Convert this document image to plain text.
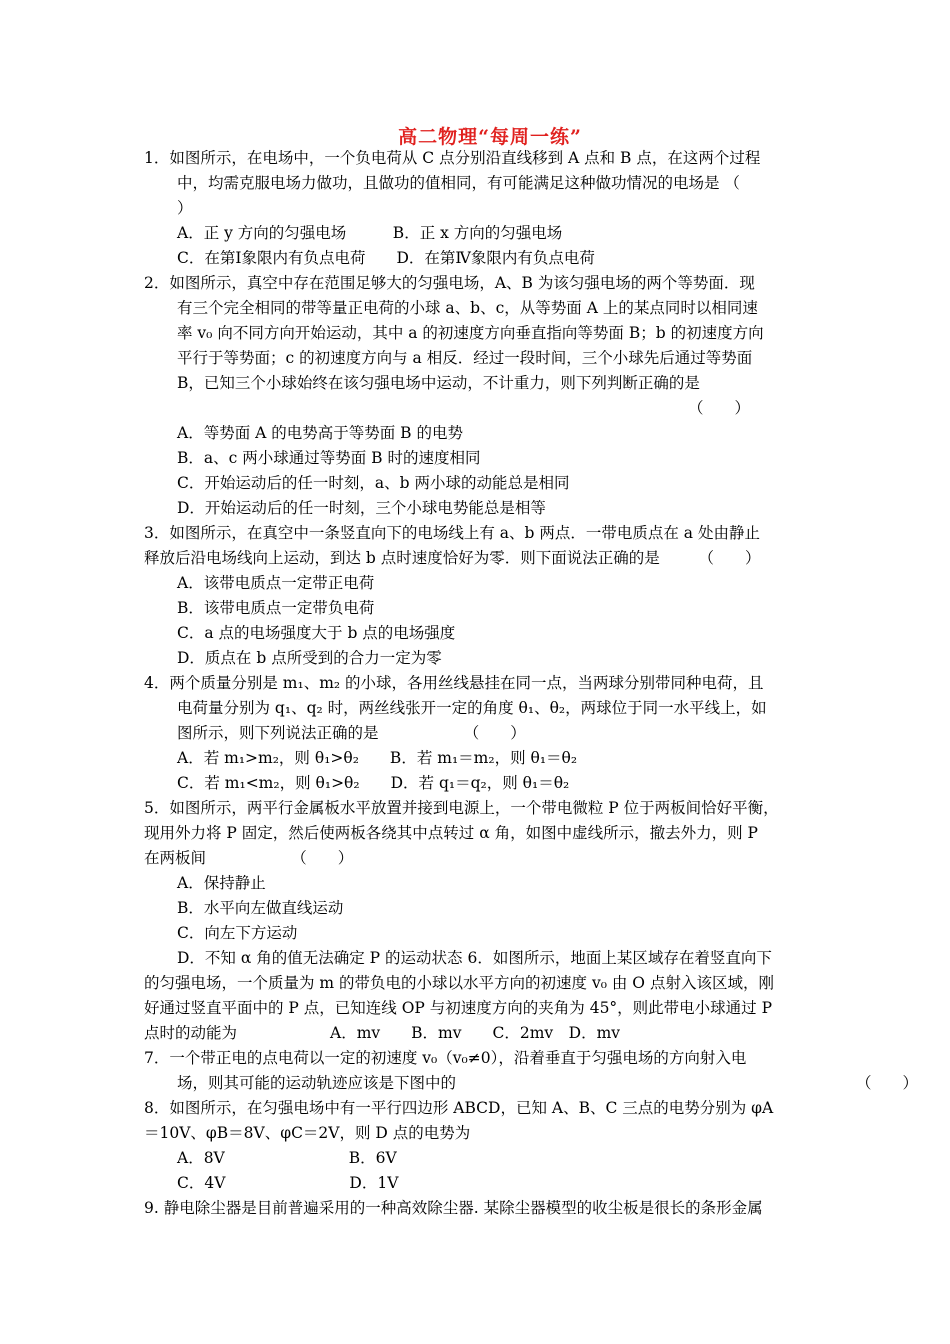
高二物理“每周一练”
1．如图所示，在电场中，一个负电荷从 C 点分别沿直线移到 A 点和 B 点，在这两个过程
中，均需克服电场力做功，且做功的值相同，有可能满足这种做功情况的电场是 （
）
A．正 y 方向的匀强电场　　　B．正 x 方向的匀强电场
C．在第Ⅰ象限内有负点电荷　　D．在第Ⅳ象限内有负点电荷
2．如图所示，真空中存在范围足够大的匀强电场，A、B 为该匀强电场的两个等势面．现
有三个完全相同的带等量正电荷的小球 a、b、c，从等势面 A 上的某点同时以相同速
率 v₀ 向不同方向开始运动，其中 a 的初速度方向垂直指向等势面 B；b 的初速度方向
平行于等势面；c 的初速度方向与 a 相反．经过一段时间，三个小球先后通过等势面
B，已知三个小球始终在该匀强电场中运动，不计重力，则下列判断正确的是
（　　）
A．等势面 A 的电势高于等势面 B 的电势
B．a、c 两小球通过等势面 B 时的速度相同
C．开始运动后的任一时刻，a、b 两小球的动能总是相同
D．开始运动后的任一时刻，三个小球电势能总是相等
3．如图所示，在真空中一条竖直向下的电场线上有 a、b 两点．一带电质点在 a 处由静止
释放后沿电场线向上运动，到达 b 点时速度恰好为零．则下面说法正确的是　　　（　　）
A．该带电质点一定带正电荷
B．该带电质点一定带负电荷
C．a 点的电场强度大于 b 点的电场强度
D．质点在 b 点所受到的合力一定为零
4．两个质量分别是 m₁、m₂ 的小球，各用丝线悬挂在同一点，当两球分别带同种电荷，且
电荷量分别为 q₁、q₂ 时，两丝线张开一定的角度 θ₁、θ₂，两球位于同一水平线上，如
图所示，则下列说法正确的是　　　　　　（　　）
A．若 m₁>m₂，则 θ₁>θ₂　　B．若 m₁＝m₂，则 θ₁＝θ₂
C．若 m₁<m₂，则 θ₁>θ₂　　D．若 q₁＝q₂，则 θ₁＝θ₂
5．如图所示，两平行金属板水平放置并接到电源上，一个带电微粒 P 位于两板间恰好平衡，
现用外力将 P 固定，然后使两板各绕其中点转过 α 角，如图中虚线所示，撤去外力，则 P
在两板间　　　　　　（　　）
A．保持静止
B．水平向左做直线运动
C．向左下方运动
D．不知 α 角的值无法确定 P 的运动状态 6．如图所示，地面上某区域存在着竖直向下
的匀强电场，一个质量为 m 的带负电的小球以水平方向的初速度 v₀ 由 O 点射入该区域，刚
好通过竖直平面中的 P 点，已知连线 OP 与初速度方向的夹角为 45°，则此带电小球通过 P
点时的动能为　　　　　　A．mv　　B．mv　　C．2mv　D．mv
7．一个带正电的点电荷以一定的初速度 v₀（v₀≠0），沿着垂直于匀强电场的方向射入电
场，则其可能的运动轨迹应该是下图中的	（　　）
8．如图所示，在匀强电场中有一平行四边形 ABCD，已知 A、B、C 三点的电势分别为 φA
＝10V、φB＝8V、φC＝2V，则 D 点的电势为
A．8V　　　　　　　　B．6V
C．4V　　　　　　　　D．1V
9. 静电除尘器是目前普遍采用的一种高效除尘器. 某除尘器模型的收尘板是很长的条形金属
